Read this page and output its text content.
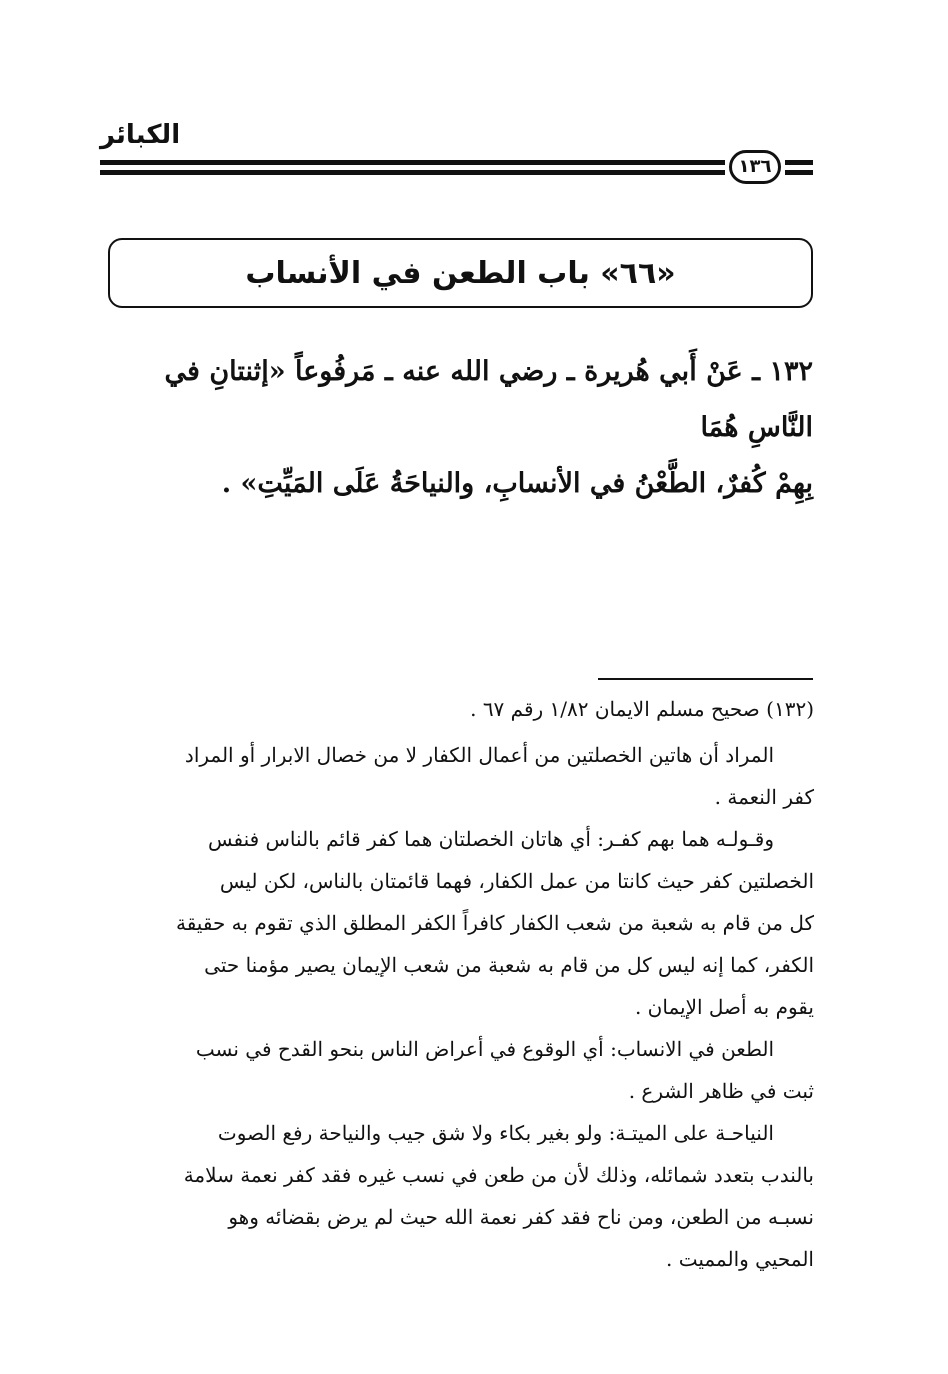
الكبائر
١٣٦
«٦٦» باب الطعن في الأنساب

١٣٢ ـ عَنْ أَبي هُريرة ـ رضي الله عنه ـ مَرفُوعاً «إثنتانِ في النَّاسِ هُمَا

بِهِمْ كُفرٌ، الطَّعْنُ في الأنسابِ، والنياحَةُ عَلَى المَيِّتِ» .

(١٣٢) صحيح مسلم الايمان ١/٨٢ رقم ٦٧ .

المراد أن هاتين الخصلتين من أعمال الكفار لا من خصال الابرار أو المراد
كفر النعمة .
وقـولـه هما بهم كفـر: أي هاتان الخصلتان هما كفر قائم بالناس فنفس
الخصلتين كفر حيث كانتا من عمل الكفار، فهما قائمتان بالناس، لكن ليس
كل من قام به شعبة من شعب الكفار كافراً الكفر المطلق الذي تقوم به حقيقة
الكفر، كما إنه ليس كل من قام به شعبة من شعب الإيمان يصير مؤمنا حتى
يقوم به أصل الإيمان .
الطعن في الانساب: أي الوقوع في أعراض الناس بنحو القدح في نسب
ثبت في ظاهر الشرع .
النياحـة على الميتـة: ولو بغير بكاء ولا شق جيب والنياحة رفع الصوت
بالندب بتعدد شمائله، وذلك لأن من طعن في نسب غيره فقد كفر نعمة سلامة
نسبـه من الطعن، ومن ناح فقد كفر نعمة الله حيث لم يرض بقضائه وهو
المحيي والمميت .
